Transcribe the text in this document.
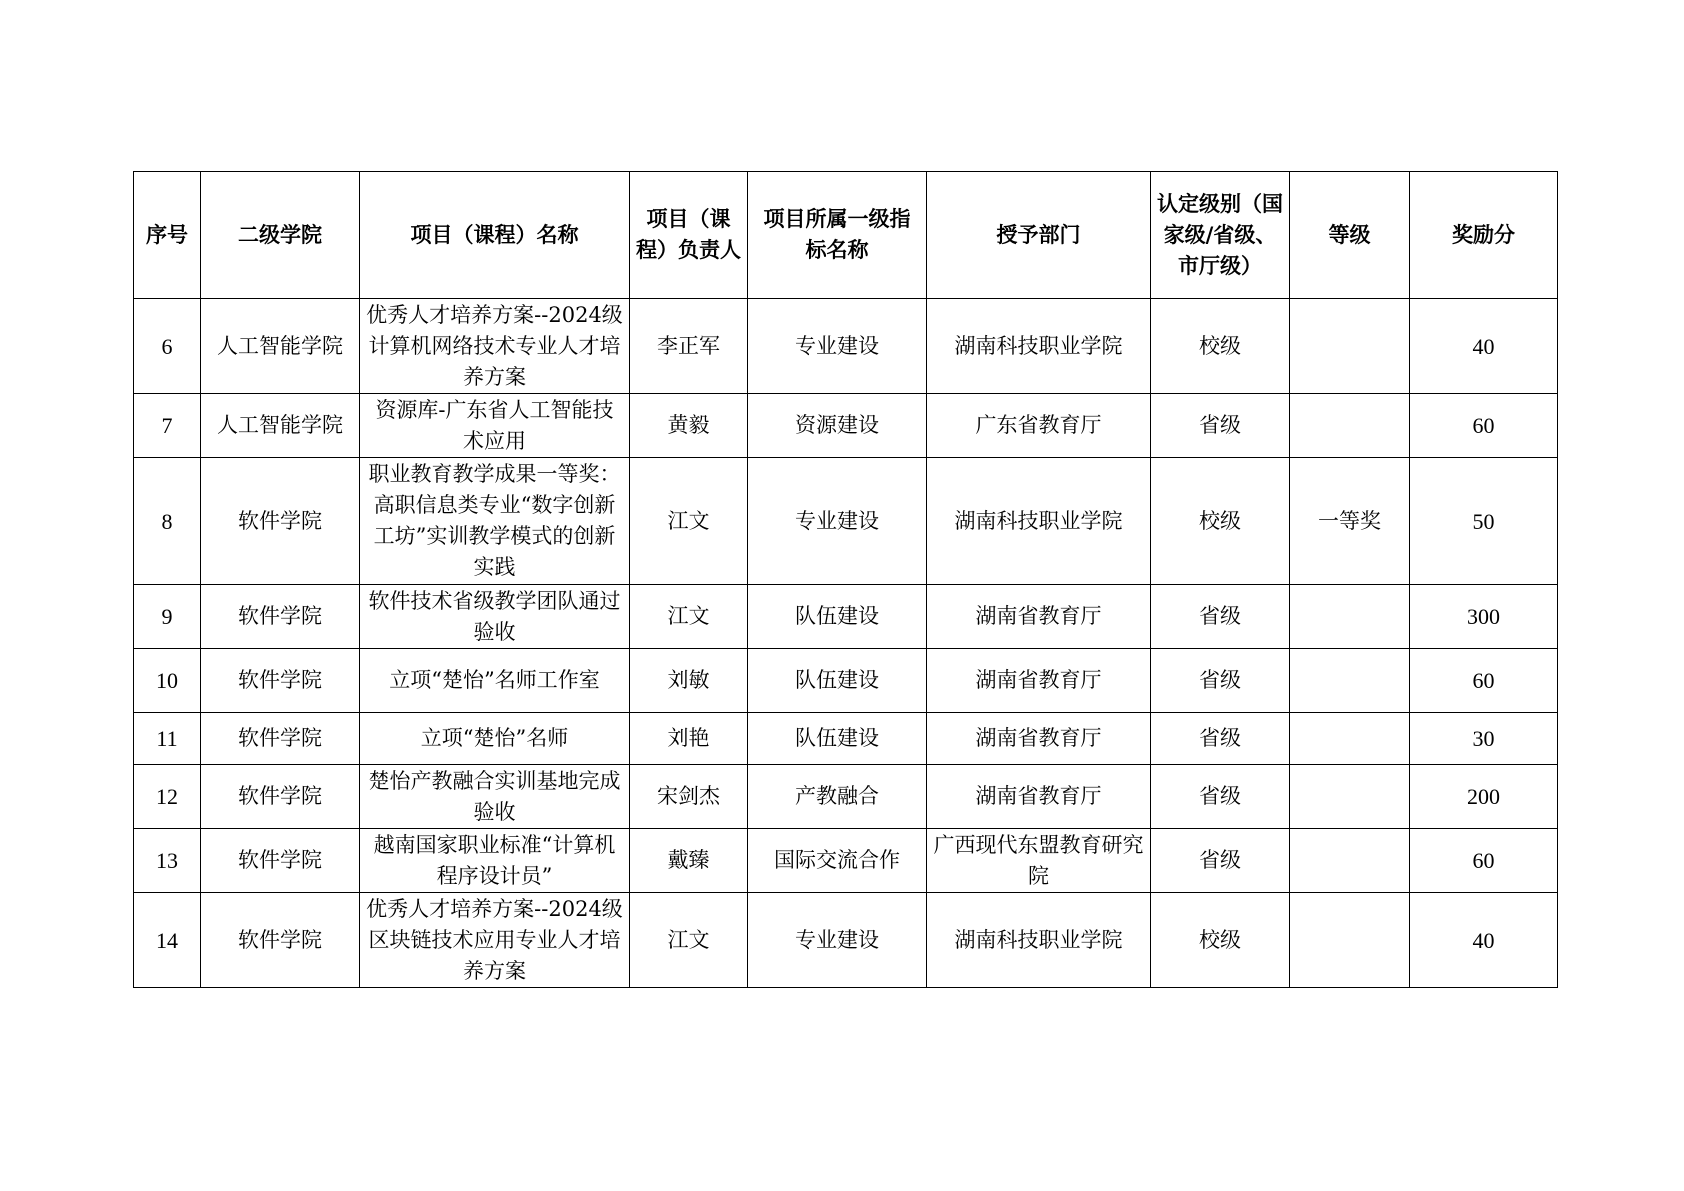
序号	二级学院	项目（课程）名称	项目（课程）负责人	项目所属一级指标名称	授予部门	认定级别（国家级/省级、市厅级）	等级	奖励分
6	人工智能学院	优秀人才培养方案--2024级计算机网络技术专业人才培养方案	李正军	专业建设	湖南科技职业学院	校级		40
7	人工智能学院	资源库-广东省人工智能技术应用	黄毅	资源建设	广东省教育厅	省级		60
8	软件学院	职业教育教学成果一等奖：高职信息类专业“数字创新工坊”实训教学模式的创新实践	江文	专业建设	湖南科技职业学院	校级	一等奖	50
9	软件学院	软件技术省级教学团队通过验收	江文	队伍建设	湖南省教育厅	省级		300
10	软件学院	立项“楚怡”名师工作室	刘敏	队伍建设	湖南省教育厅	省级		60
11	软件学院	立项“楚怡”名师	刘艳	队伍建设	湖南省教育厅	省级		30
12	软件学院	楚怡产教融合实训基地完成验收	宋剑杰	产教融合	湖南省教育厅	省级		200
13	软件学院	越南国家职业标准“计算机程序设计员”	戴臻	国际交流合作	广西现代东盟教育研究院	省级		60
14	软件学院	优秀人才培养方案--2024级区块链技术应用专业人才培养方案	江文	专业建设	湖南科技职业学院	校级		40
